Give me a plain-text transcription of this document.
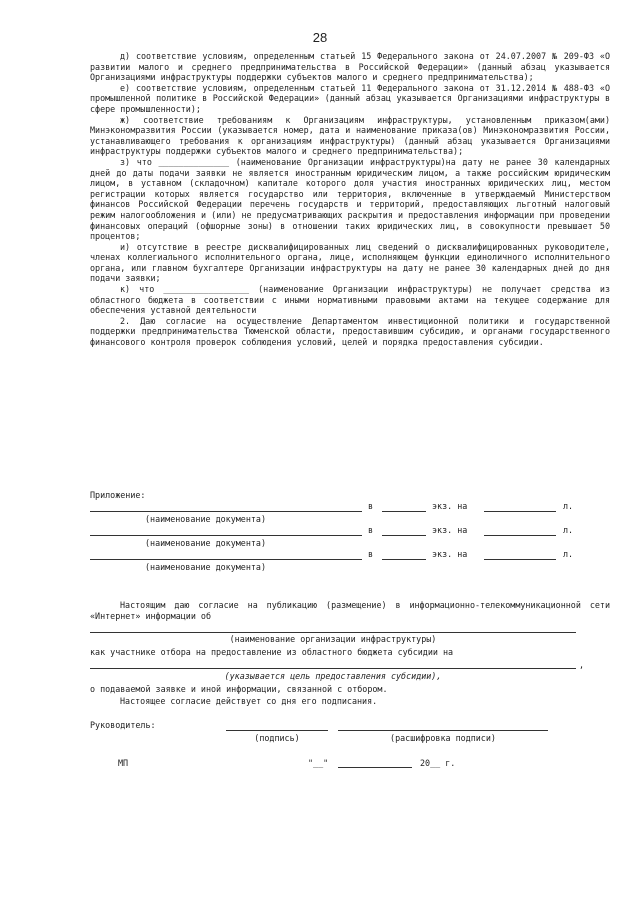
28

д) соответствие условиям, определенным статьей 15 Федерального закона от 24.07.2007 № 209-ФЗ «О развитии малого и среднего предпринимательства в Российской Федерации» (данный абзац указывается Организациями инфраструктуры поддержки субъектов малого и среднего предпринимательства);

е) соответствие условиям, определенным статьей 11 Федерального закона от 31.12.2014 № 488-ФЗ «О промышленной политике в Российской Федерации» (данный абзац указывается Организациями инфраструктуры в сфере промышленности);

ж) соответствие требованиям к Организациям инфраструктуры, установленным приказом(ами) Минэкономразвития России (указывается номер, дата и наименование приказа(ов) Минэкономразвития России, устанавливающего требования к организациям инфраструктуры) (данный абзац указывается Организациями инфраструктуры поддержки субъектов малого и среднего предпринимательства);

з) что ______________ (наименование Организации инфраструктуры)на дату не ранее 30 календарных дней до даты подачи заявки не является иностранным юридическим лицом, а также российским юридическим лицом, в уставном (складочном) капитале которого доля участия иностранных юридических лиц, местом регистрации которых является государство или территория, включенные в утверждаемый Министерством финансов Российской Федерации перечень государств и территорий, предоставляющих льготный налоговый режим налогообложения и (или) не предусматривающих раскрытия и предоставления информации при проведении финансовых операций (офшорные зоны) в отношении таких юридических лиц, в совокупности превышает 50 процентов;

и) отсутствие в реестре дисквалифицированных лиц сведений о дисквалифицированных руководителе, членах коллегиального исполнительного органа, лице, исполняющем функции единоличного исполнительного органа, или главном бухгалтере Организации инфраструктуры на дату не ранее 30 календарных дней до дня подачи заявки;

к) что _________________ (наименование Организации инфраструктуры) не получает средства из областного бюджета в соответствии с иными нормативными правовыми актами на текущее содержание для обеспечения уставной деятельности

2. Даю согласие на осуществление Департаментом инвестиционной политики и государственной поддержки предпринимательства Тюменской области, предоставившим субсидию, и органами государственного финансового контроля проверок соблюдения условий, целей и порядка предоставления субсидии.

Приложение:
в	экз. на	л.
(наименование документа)
в	экз. на	л.
(наименование документа)
в	экз. на	л.
(наименование документа)

Настоящим даю согласие на публикацию (размещение) в информационно-телекоммуникационной сети «Интернет» информации об

(наименование организации инфраструктуры)
как участнике отбора на предоставление из областного бюджета субсидии на
,
(указывается цель предоставления субсидии),
о подаваемой заявке и иной информации, связанной с отбором.
Настоящее согласие действует со дня его подписания.
Руководитель:
(подпись)	(расшифровка подписи)
МП	"__"	20__ г.
